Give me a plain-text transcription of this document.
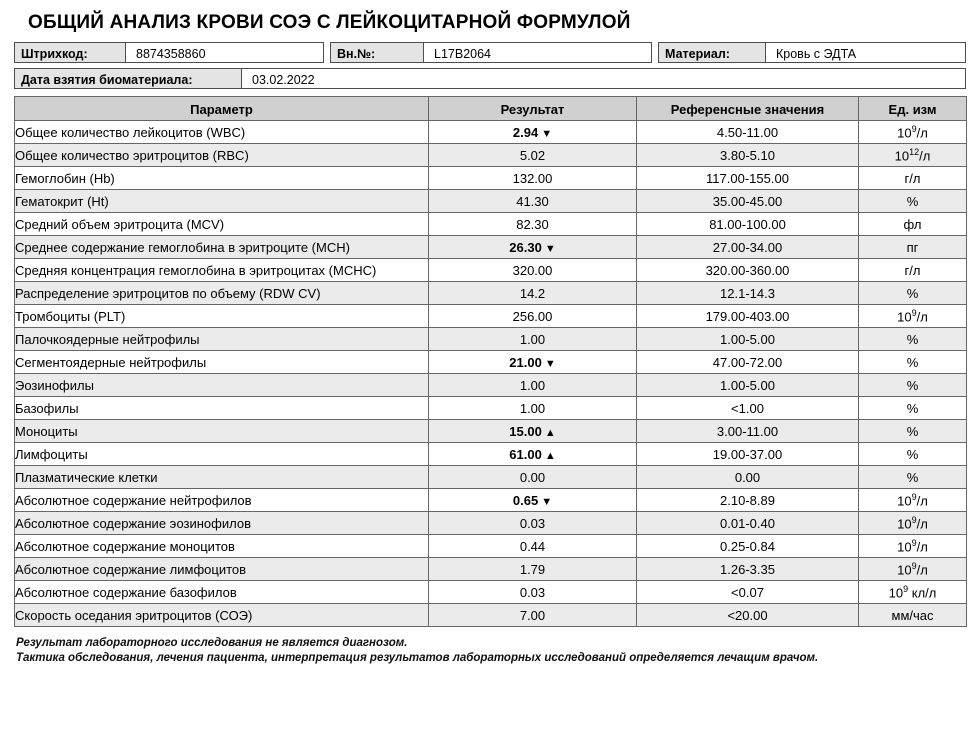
ОБЩИЙ АНАЛИЗ КРОВИ СОЭ С ЛЕЙКОЦИТАРНОЙ ФОРМУЛОЙ
Штрихкод:	8874358860	Вн.№:	L17B2064	Материал:	Кровь с ЭДТА
Дата взятия биоматериала:	03.02.2022
Параметр	Результат	Референсные значения	Ед. изм
Общее количество лейкоцитов (WBC)	2.94 ▼	4.50-11.00	$10^9/л$
Общее количество эритроцитов (RBC)	5.02	3.80-5.10	$10^{12}/л$
Гемоглобин (Hb)	132.00	117.00-155.00	г/л
Гематокрит (Ht)	41.30	35.00-45.00	%
Средний объем эритроцита (MCV)	82.30	81.00-100.00	фл
Среднее содержание гемоглобина в эритроците (MCH)	26.30 ▼	27.00-34.00	пг
Средняя концентрация гемоглобина в эритроцитах (MCHC)	320.00	320.00-360.00	г/л
Распределение эритроцитов по объему (RDW CV)	14.2	12.1-14.3	%
Тромбоциты (PLT)	256.00	179.00-403.00	$10^9/л$
Палочкоядерные нейтрофилы	1.00	1.00-5.00	%
Сегментоядерные нейтрофилы	21.00 ▼	47.00-72.00	%
Эозинофилы	1.00	1.00-5.00	%
Базофилы	1.00	<1.00	%
Моноциты	15.00 ▲	3.00-11.00	%
Лимфоциты	61.00 ▲	19.00-37.00	%
Плазматические клетки	0.00	0.00	%
Абсолютное содержание нейтрофилов	0.65 ▼	2.10-8.89	$10^9/л$
Абсолютное содержание эозинофилов	0.03	0.01-0.40	$10^9/л$
Абсолютное содержание моноцитов	0.44	0.25-0.84	$10^9/л$
Абсолютное содержание лимфоцитов	1.79	1.26-3.35	$10^9/л$
Абсолютное содержание базофилов	0.03	<0.07	$10^9$ кл/л
Скорость оседания эритроцитов (СОЭ)	7.00	<20.00	мм/час
Результат лабораторного исследования не является диагнозом.
Тактика обследования, лечения пациента, интерпретация результатов лабораторных исследований определяется лечащим врачом.
